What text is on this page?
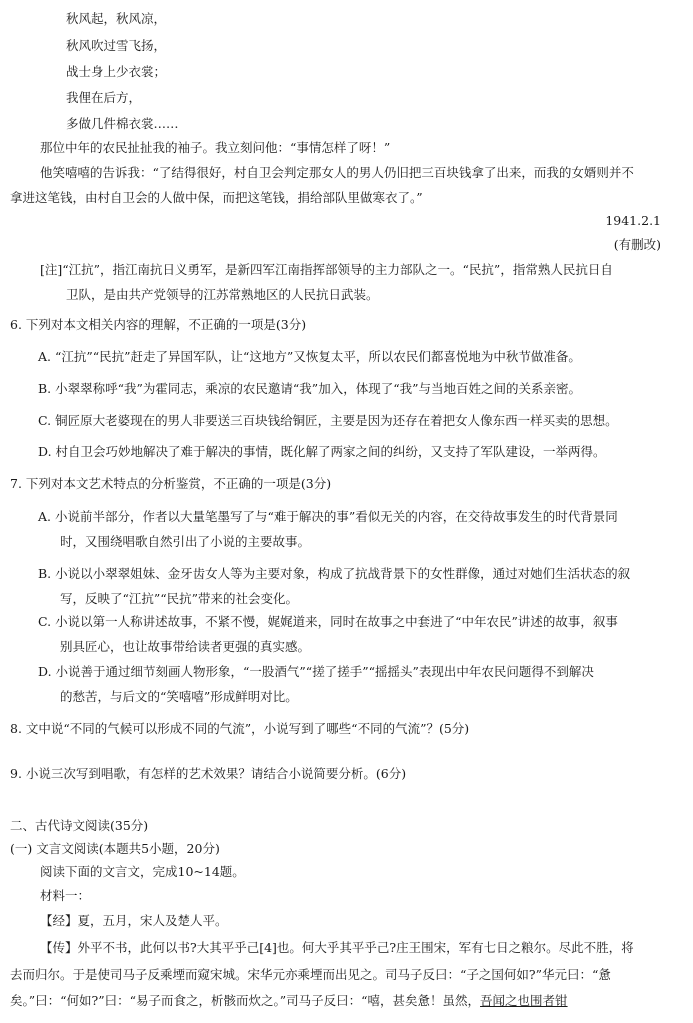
秋风起，秋风凉，
秋风吹过雪飞扬，
战士身上少衣裳；
我俚在后方，
多做几件棉衣裳……
那位中年的农民扯扯我的袖子。我立刻问他：“事情怎样了呀！”
他笑嘻嘻的告诉我：“了结得很好，村自卫会判定那女人的男人仍旧把三百块钱拿了出来，而我的女婿则并不
拿进这笔钱，由村自卫会的人做中保，而把这笔钱，捐给部队里做寒衣了。”
1941.2.1
(有删改)
[注]“江抗”，指江南抗日义勇军，是新四军江南指挥部领导的主力部队之一。“民抗”，指常熟人民抗日自
卫队，是由共产党领导的江苏常熟地区的人民抗日武装。
6. 下列对本文相关内容的理解，不正确的一项是(3分)
A. “江抗”“民抗”赶走了异国军队，让“这地方”又恢复太平，所以农民们都喜悦地为中秋节做准备。
B. 小翠翠称呼“我”为霍同志，乘凉的农民邀请“我”加入，体现了“我”与当地百姓之间的关系亲密。
C. 铜匠原大老婆现在的男人非要送三百块钱给铜匠，主要是因为还存在着把女人像东西一样买卖的思想。
D. 村自卫会巧妙地解决了难于解决的事情，既化解了两家之间的纠纷，又支持了军队建设，一举两得。
7. 下列对本文艺术特点的分析鉴赏，不正确的一项是(3分)
A. 小说前半部分，作者以大量笔墨写了与“难于解决的事”看似无关的内容，在交待故事发生的时代背景同
时，又围绕唱歌自然引出了小说的主要故事。
B. 小说以小翠翠姐妹、金牙齿女人等为主要对象，构成了抗战背景下的女性群像，通过对她们生活状态的叙
写，反映了“江抗”“民抗”带来的社会变化。
C. 小说以第一人称讲述故事，不紧不慢，娓娓道来，同时在故事之中套进了“中年农民”讲述的故事，叙事
别具匠心，也让故事带给读者更强的真实感。
D. 小说善于通过细节刻画人物形象，“一股酒气”“搓了搓手”“摇摇头”表现出中年农民问题得不到解决
的愁苦，与后文的“笑嘻嘻”形成鲜明对比。
8. 文中说“不同的气候可以形成不同的气流”，小说写到了哪些“不同的气流”？(5分)
9. 小说三次写到唱歌，有怎样的艺术效果？请结合小说简要分析。(6分)
二、古代诗文阅读(35分)
(一) 文言文阅读(本题共5小题，20分)
阅读下面的文言文，完成10~14题。
材料一：
【经】夏，五月，宋人及楚人平。
【传】外平不书，此何以书?大其平乎己[4]也。何大乎其平乎己?庄王围宋，军有七日之粮尔。尽此不胜，将
去而归尔。于是使司马子反乘堙而窥宋城。宋华元亦乘堙而出见之。司马子反曰：“子之国何如?”华元曰：“惫
矣。”曰：“何如?”曰：“易子而食之，析骸而炊之。”司马子反曰：“嘻，甚矣惫！虽然，吾闻之也围者钳
